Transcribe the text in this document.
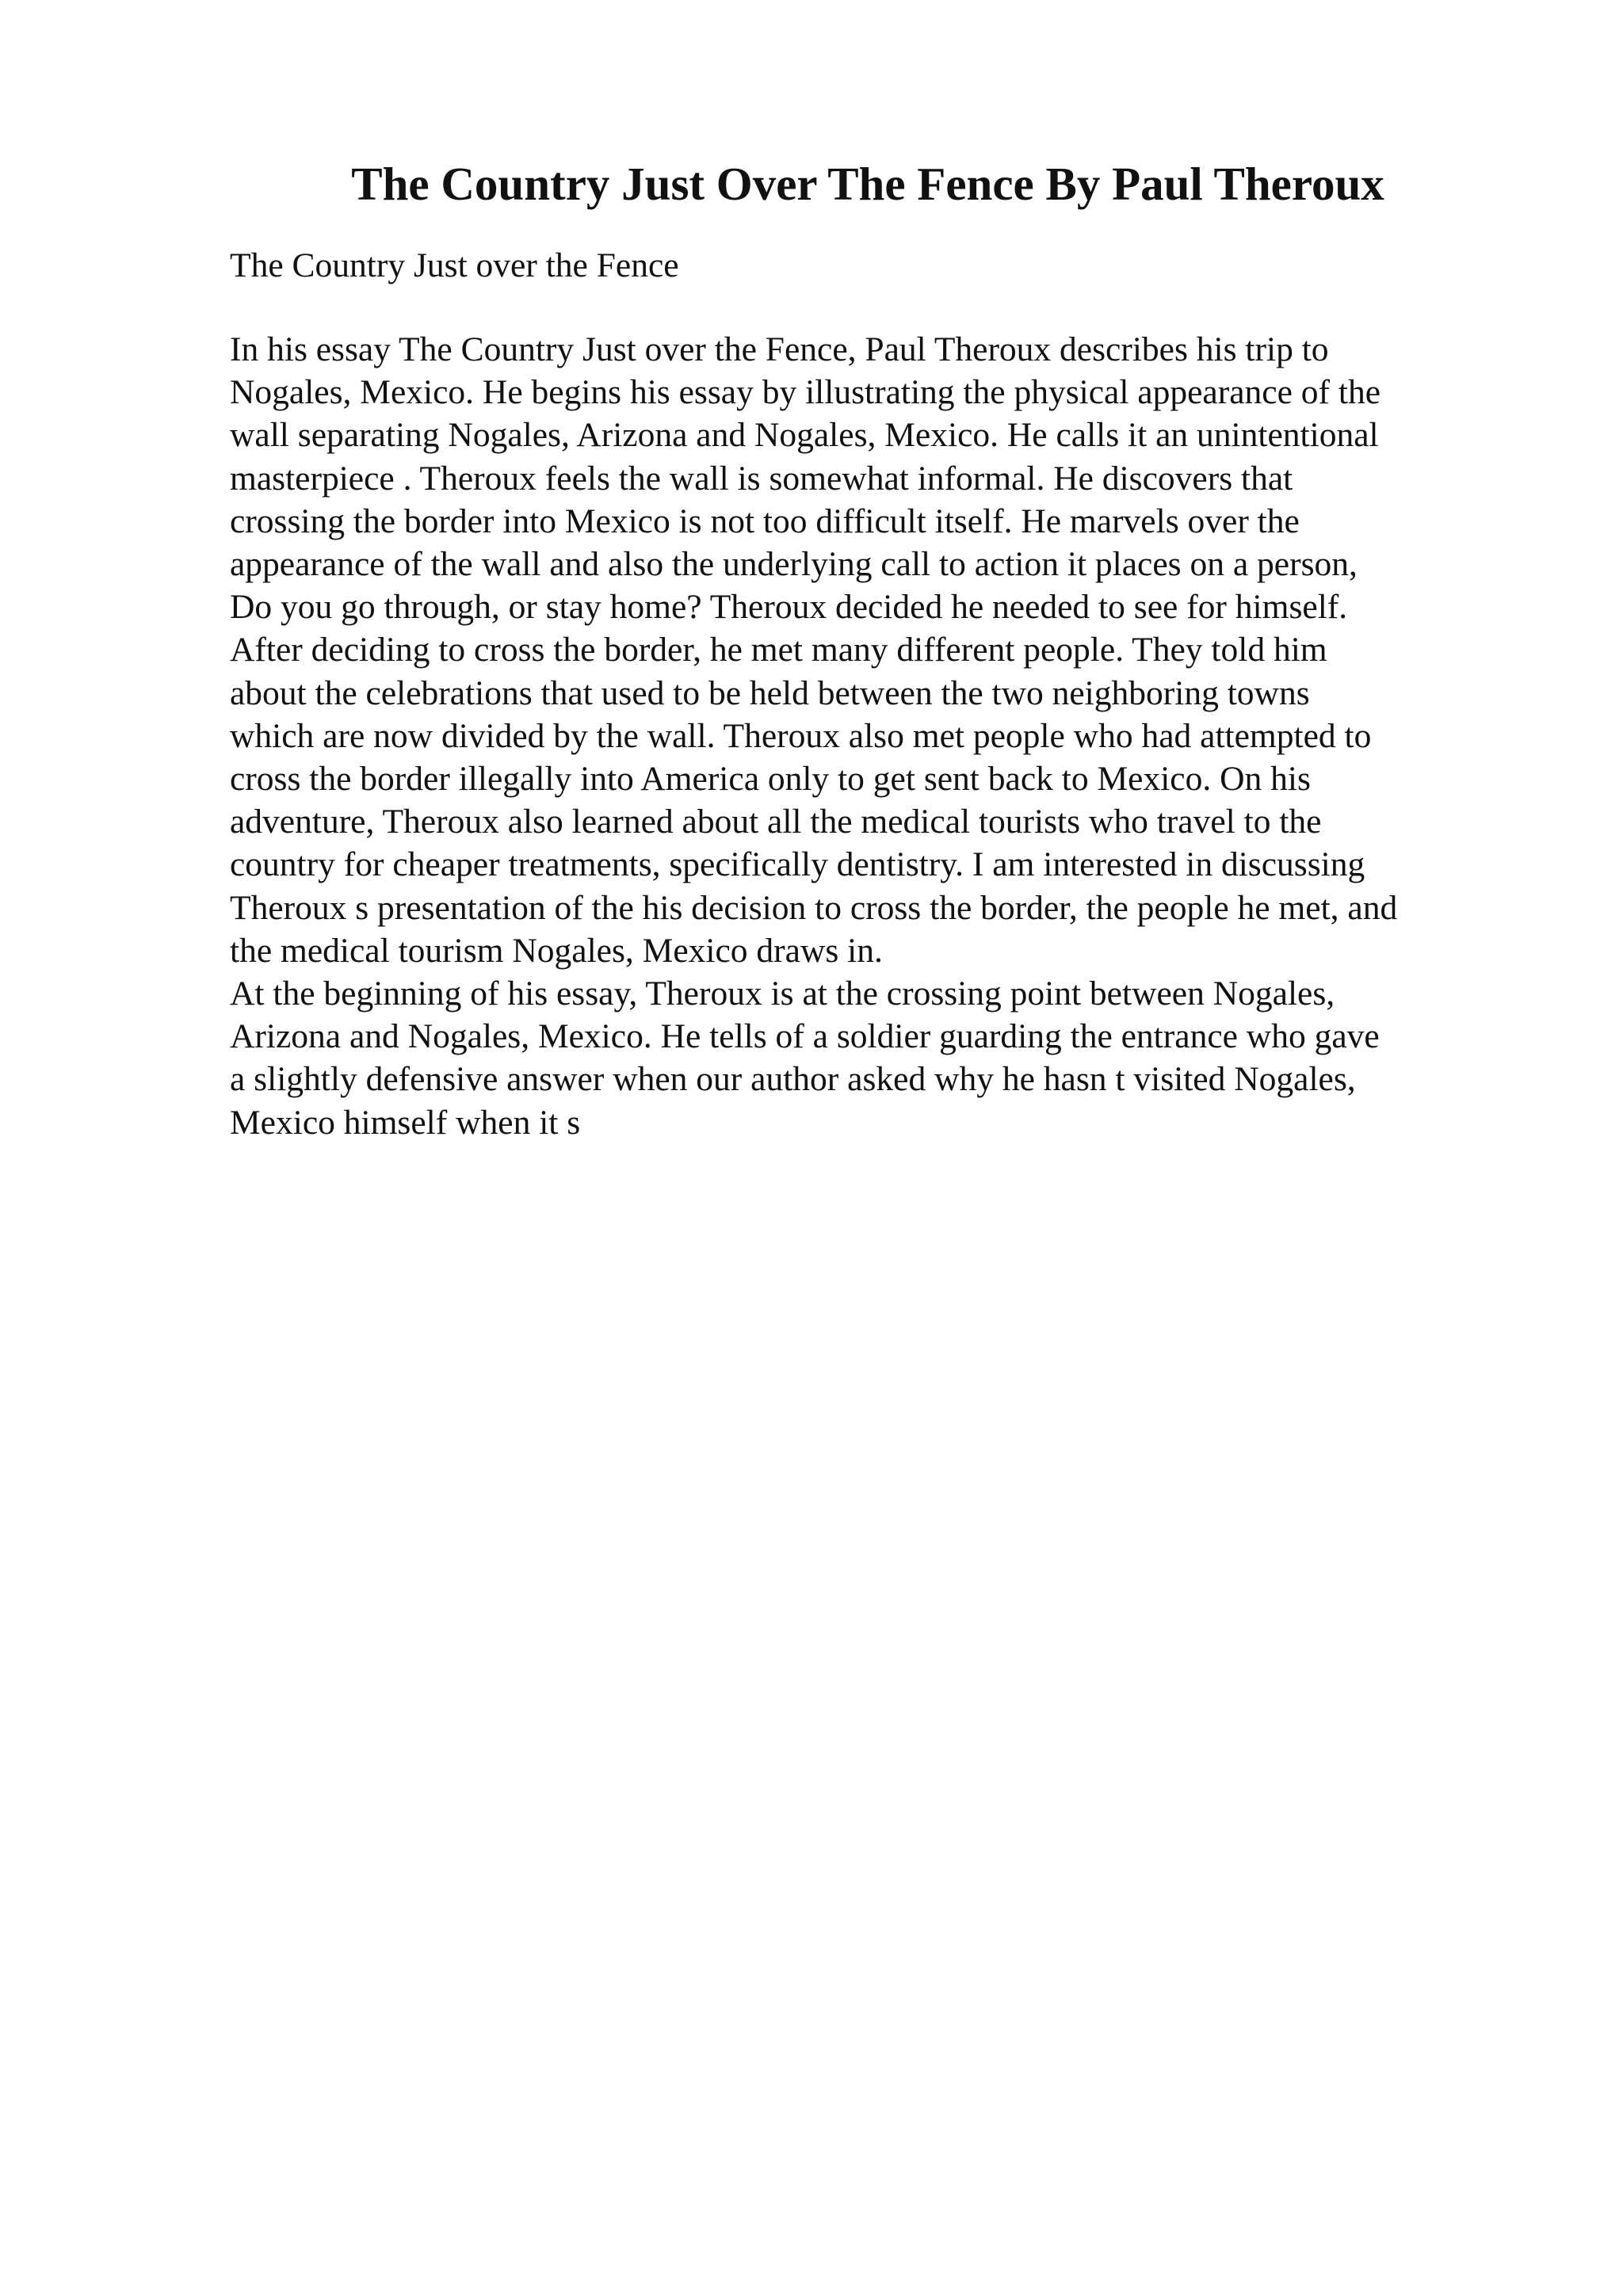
The Country Just Over The Fence By Paul Theroux

The Country Just over the Fence

In his essay The Country Just over the Fence, Paul Theroux describes his trip to
Nogales, Mexico. He begins his essay by illustrating the physical appearance of the
wall separating Nogales, Arizona and Nogales, Mexico. He calls it an unintentional
masterpiece . Theroux feels the wall is somewhat informal. He discovers that
crossing the border into Mexico is not too difficult itself. He marvels over the
appearance of the wall and also the underlying call to action it places on a person,
Do you go through, or stay home? Theroux decided he needed to see for himself.
After deciding to cross the border, he met many different people. They told him
about the celebrations that used to be held between the two neighboring towns
which are now divided by the wall. Theroux also met people who had attempted to
cross the border illegally into America only to get sent back to Mexico. On his
adventure, Theroux also learned about all the medical tourists who travel to the
country for cheaper treatments, specifically dentistry. I am interested in discussing
Theroux s presentation of the his decision to cross the border, the people he met, and
the medical tourism Nogales, Mexico draws in.
At the beginning of his essay, Theroux is at the crossing point between Nogales,
Arizona and Nogales, Mexico. He tells of a soldier guarding the entrance who gave
a slightly defensive answer when our author asked why he hasn t visited Nogales,
Mexico himself when it s
